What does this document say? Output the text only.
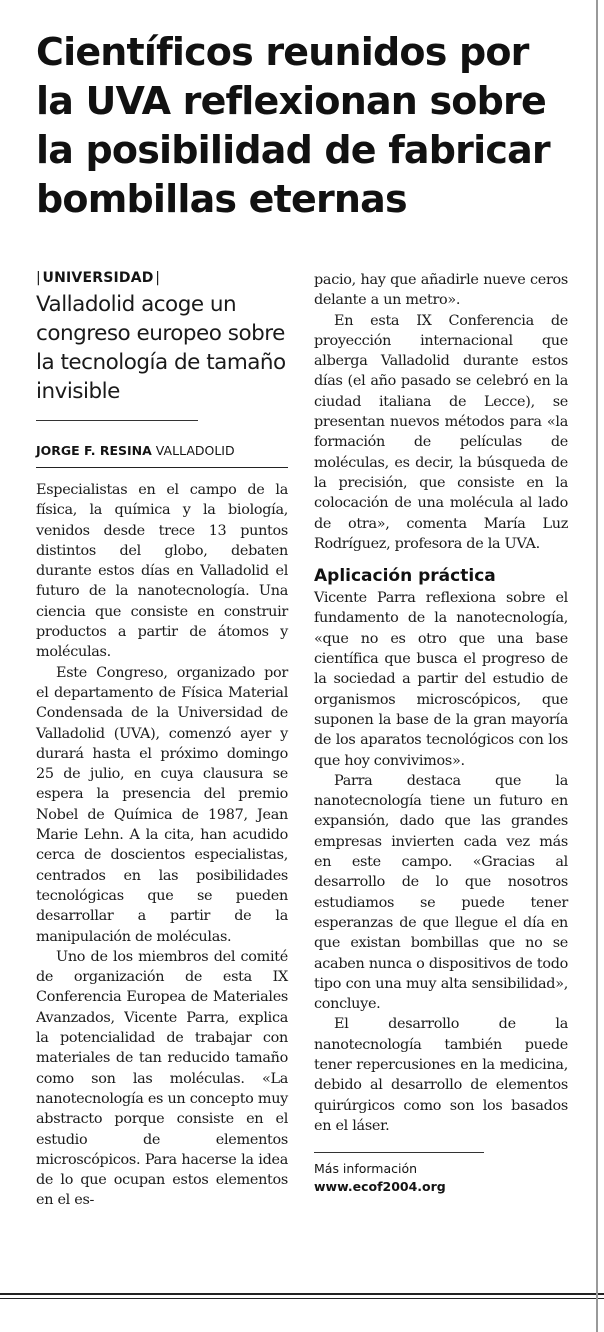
Científicos reunidos por la UVA reflexionan sobre la posibilidad de fabricar bombillas eternas

|  UNIVERSIDAD  |

Valladolid acoge un congreso europeo sobre la tecnología de tamaño invisible

JORGE F. RESINA VALLADOLID

Especialistas en el campo de la física, la química y la biología, venidos desde trece 13 puntos distintos del globo, debaten durante estos días en Valladolid el futuro de la nanotecnología. Una ciencia que consiste en construir productos a partir de átomos y moléculas.

Este Congreso, organizado por el departamento de Física Material Condensada de la Universidad de Valladolid (UVA), comenzó ayer y durará hasta el próximo domingo 25 de julio, en cuya clausura se espera la presencia del premio Nobel de Química de 1987, Jean Marie Lehn. A la cita, han acudido cerca de doscientos especialistas, centrados en las posibilidades tecnológicas que se pueden desarrollar a partir de la manipulación de moléculas.

Uno de los miembros del comité de organización de esta IX Conferencia Europea de Materiales Avanzados, Vicente Parra, explica la potencialidad de trabajar con materiales de tan reducido tamaño como son las moléculas. «La nanotecnología es un concepto muy abstracto porque consiste en el estudio de elementos microscópicos. Para hacerse la idea de lo que ocupan estos elementos en el es-

pacio, hay que añadirle nueve ceros delante a un metro».

En esta IX Conferencia de proyección internacional que alberga Valladolid durante estos días (el año pasado se celebró en la ciudad italiana de Lecce), se presentan nuevos métodos para «la formación de películas de moléculas, es decir, la búsqueda de la precisión, que consiste en la colocación de una molécula al lado de otra», comenta María Luz Rodríguez, profesora de la UVA.

Aplicación práctica

Vicente Parra reflexiona sobre el fundamento de la nanotecnología, «que no es otro que una base científica que busca el progreso de la sociedad a partir del estudio de organismos microscópicos, que suponen la base de la gran mayoría de los aparatos tecnológicos con los que hoy convivimos».

Parra destaca que la nanotecnología tiene un futuro en expansión, dado que las grandes empresas invierten cada vez más en este campo. «Gracias al desarrollo de lo que nosotros estudiamos se puede tener esperanzas de que llegue el día en que existan bombillas que no se acaben nunca o dispositivos de todo tipo con una muy alta sensibilidad», concluye.

El desarrollo de la nanotecnología también puede tener repercusiones en la medicina, debido al desarrollo de elementos quirúrgicos como son los basados en el láser.

Más información

www.ecof2004.org
